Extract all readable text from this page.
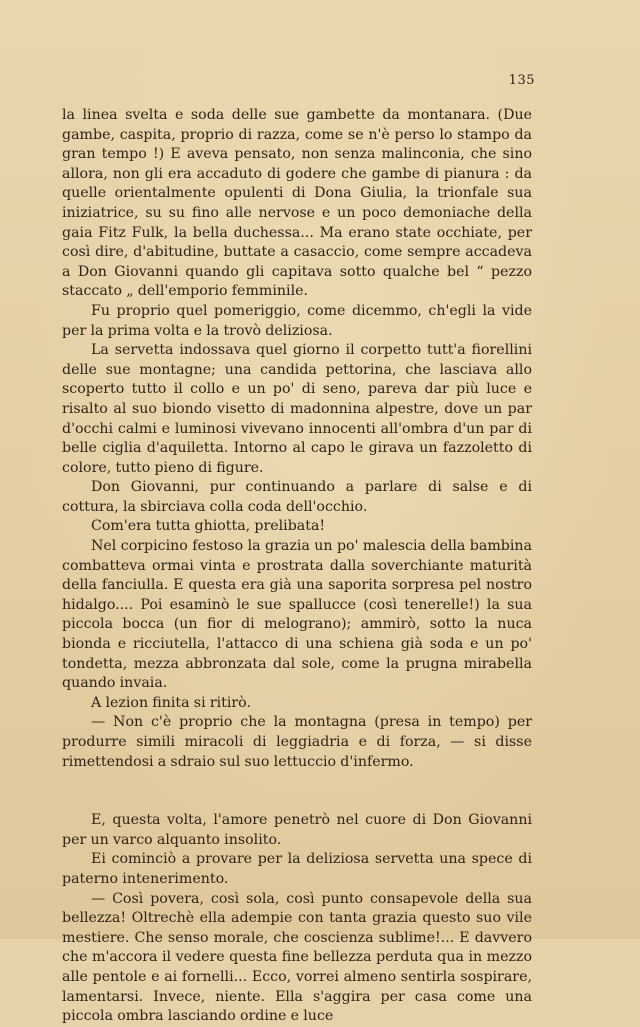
135

la linea svelta e soda delle sue gambette da montanara. (Due gambe, caspita, proprio di razza, come se n'è perso lo stampo da gran tempo !) E aveva pensato, non senza malinconia, che sino allora, non gli era accaduto di godere che gambe di pianura : da quelle orientalmente opulenti di Dona Giulia, la trionfale sua iniziatrice, su su fino alle nervose e un poco demoniache della gaia Fitz Fulk, la bella duchessa... Ma erano state occhiate, per così dire, d'abitudine, buttate a casaccio, come sempre accadeva a Don Giovanni quando gli capitava sotto qualche bel “ pezzo staccato „ dell'emporio femminile.

Fu proprio quel pomeriggio, come dicemmo, ch'egli la vide per la prima volta e la trovò deliziosa.

La servetta indossava quel giorno il corpetto tutt'a fiorellini delle sue montagne; una candida pettorina, che lasciava allo scoperto tutto il collo e un po' di seno, pareva dar più luce e risalto al suo biondo visetto di madonnina alpestre, dove un par d'occhi calmi e luminosi vivevano innocenti all'ombra d'un par di belle ciglia d'aquiletta. Intorno al capo le girava un fazzoletto di colore, tutto pieno di figure.

Don Giovanni, pur continuando a parlare di salse e di cottura, la sbirciava colla coda dell'occhio.

Com'era tutta ghiotta, prelibata!

Nel corpicino festoso la grazia un po' malescia della bambina combatteva ormai vinta e prostrata dalla soverchiante maturità della fanciulla. E questa era già una saporita sorpresa pel nostro hidalgo.... Poi esaminò le sue spallucce (così tenerelle!) la sua piccola bocca (un fior di melograno); ammirò, sotto la nuca bionda e ricciutella, l'attacco di una schiena già soda e un po' tondetta, mezza abbronzata dal sole, come la prugna mirabella quando invaia.

A lezion finita si ritirò.

— Non c'è proprio che la montagna (presa in tempo) per produrre simili miracoli di leggiadria e di forza, — si disse rimettendosi a sdraio sul suo lettuccio d'infermo.

E, questa volta, l'amore penetrò nel cuore di Don Giovanni per un varco alquanto insolito.

Ei cominciò a provare per la deliziosa servetta una spece di paterno intenerimento.

— Così povera, così sola, così punto consapevole della sua bellezza! Oltrechè ella adempie con tanta grazia questo suo vile mestiere. Che senso morale, che coscienza sublime!... E davvero che m'accora il vedere questa fine bellezza perduta qua in mezzo alle pentole e ai fornelli... Ecco, vorrei almeno sentirla sospirare, lamentarsi. Invece, niente. Ella s'aggira per casa come una piccola ombra lasciando ordine e luce
